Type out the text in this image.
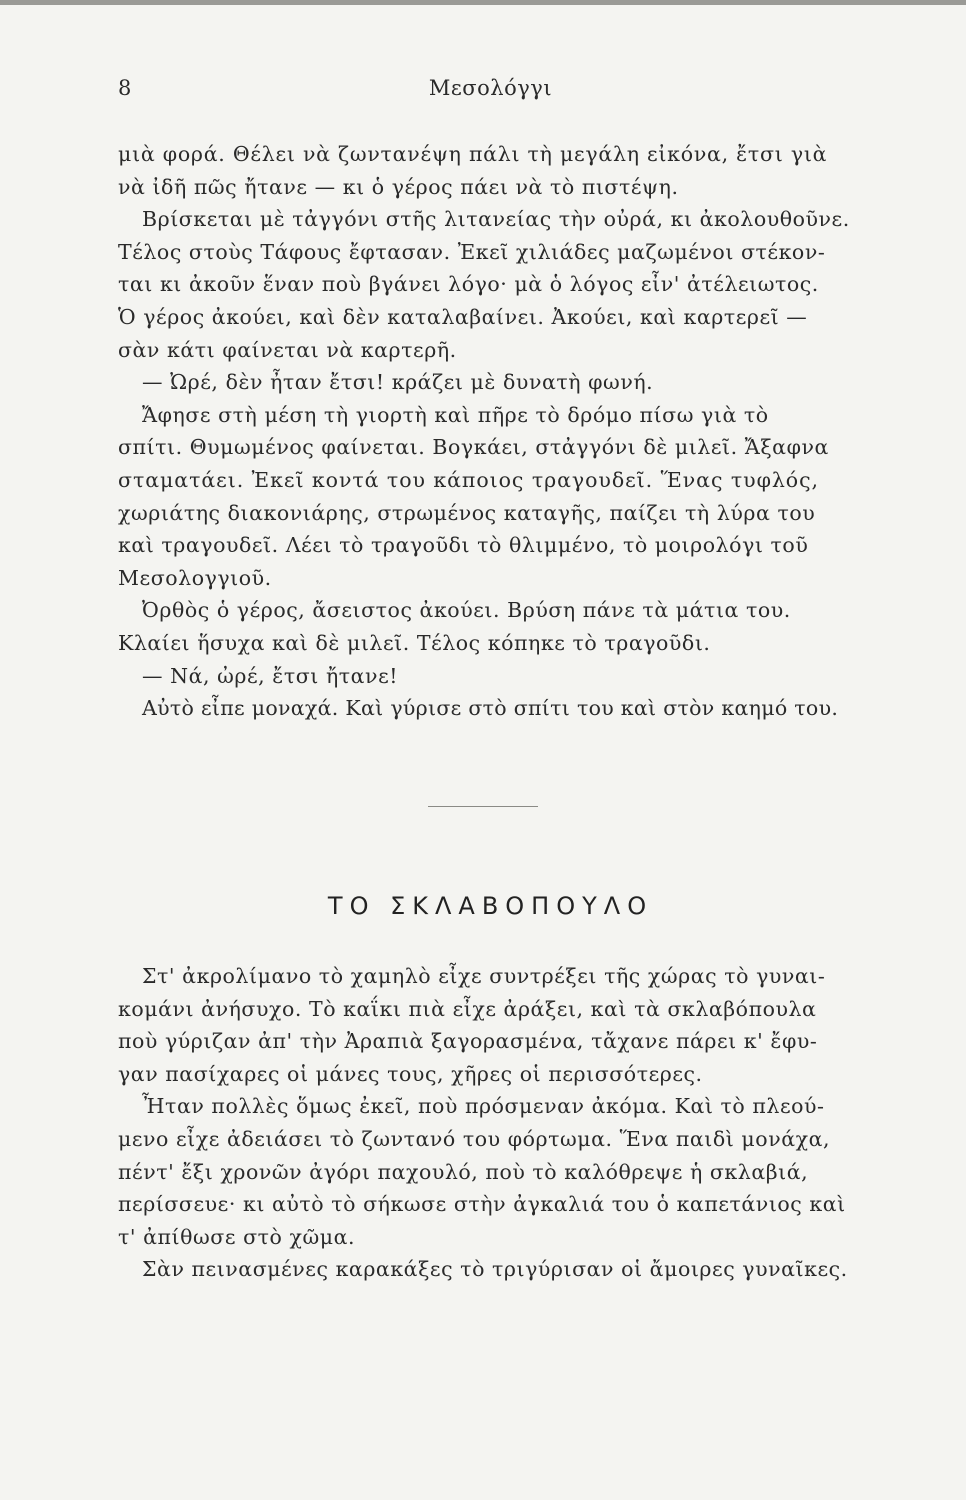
8	Μεσολόγγι
μιὰ φορά. Θέλει νὰ ζωντανέψη πάλι τὴ μεγάλη εἰκόνα, ἔτσι γιὰ
νὰ ἰδῆ πῶς ἤτανε — κι ὁ γέρος πάει νὰ τὸ πιστέψη.
Βρίσκεται μὲ τἀγγόνι στῆς λιτανείας τὴν οὐρά, κι ἀκολουθοῦνε.
Τέλος στοὺς Τάφους ἔφτασαν. Ἐκεῖ χιλιάδες μαζωμένοι στέκον-
ται κι ἀκοῦν ἕναν ποὺ βγάνει λόγο· μὰ ὁ λόγος εἶν' ἀτέλειωτος.
Ὁ γέρος ἀκούει, καὶ δὲν καταλαβαίνει. Ἀκούει, καὶ καρτερεῖ —
σὰν κάτι φαίνεται νὰ καρτερῆ.
— Ὠρέ, δὲν ἦταν ἔτσι! κράζει μὲ δυνατὴ φωνή.
Ἄφησε στὴ μέση τὴ γιορτὴ καὶ πῆρε τὸ δρόμο πίσω γιὰ τὸ
σπίτι. Θυμωμένος φαίνεται. Βογκάει, στἀγγόνι δὲ μιλεῖ. Ἄξαφνα
σταματάει. Ἐκεῖ κοντά του κάποιος τραγουδεῖ. Ἕνας τυφλός,
χωριάτης διακονιάρης, στρωμένος καταγῆς, παίζει τὴ λύρα του
καὶ τραγουδεῖ. Λέει τὸ τραγοῦδι τὸ θλιμμένο, τὸ μοιρολόγι τοῦ
Μεσολογγιοῦ.
Ὀρθὸς ὁ γέρος, ἄσειστος ἀκούει. Βρύση πάνε τὰ μάτια του.
Κλαίει ἥσυχα καὶ δὲ μιλεῖ. Τέλος κόπηκε τὸ τραγοῦδι.
— Νά, ὠρέ, ἔτσι ἤτανε!
Αὐτὸ εἶπε μοναχά. Καὶ γύρισε στὸ σπίτι του καὶ στὸν καημό του.
ΤΟ ΣΚΛΑΒΟΠΟΥΛΟ
Στ' ἀκρολίμανο τὸ χαμηλὸ εἶχε συντρέξει τῆς χώρας τὸ γυναι-
κομάνι ἀνήσυχο. Τὸ καΐκι πιὰ εἶχε ἀράξει, καὶ τὰ σκλαβόπουλα
ποὺ γύριζαν ἀπ' τὴν Ἀραπιὰ ξαγορασμένα, τἄχανε πάρει κ' ἔφυ-
γαν πασίχαρες οἱ μάνες τους, χῆρες οἱ περισσότερες.
Ἦταν πολλὲς ὅμως ἐκεῖ, ποὺ πρόσμεναν ἀκόμα. Καὶ τὸ πλεού-
μενο εἶχε ἀδειάσει τὸ ζωντανό του φόρτωμα. Ἕνα παιδὶ μονάχα,
πέντ' ἔξι χρονῶν ἀγόρι παχουλό, ποὺ τὸ καλόθρεψε ἡ σκλαβιά,
περίσσευε· κι αὐτὸ τὸ σήκωσε στὴν ἀγκαλιά του ὁ καπετάνιος καὶ
τ' ἀπίθωσε στὸ χῶμα.
Σὰν πεινασμένες καρακάξες τὸ τριγύρισαν οἱ ἄμοιρες γυναῖκες.
